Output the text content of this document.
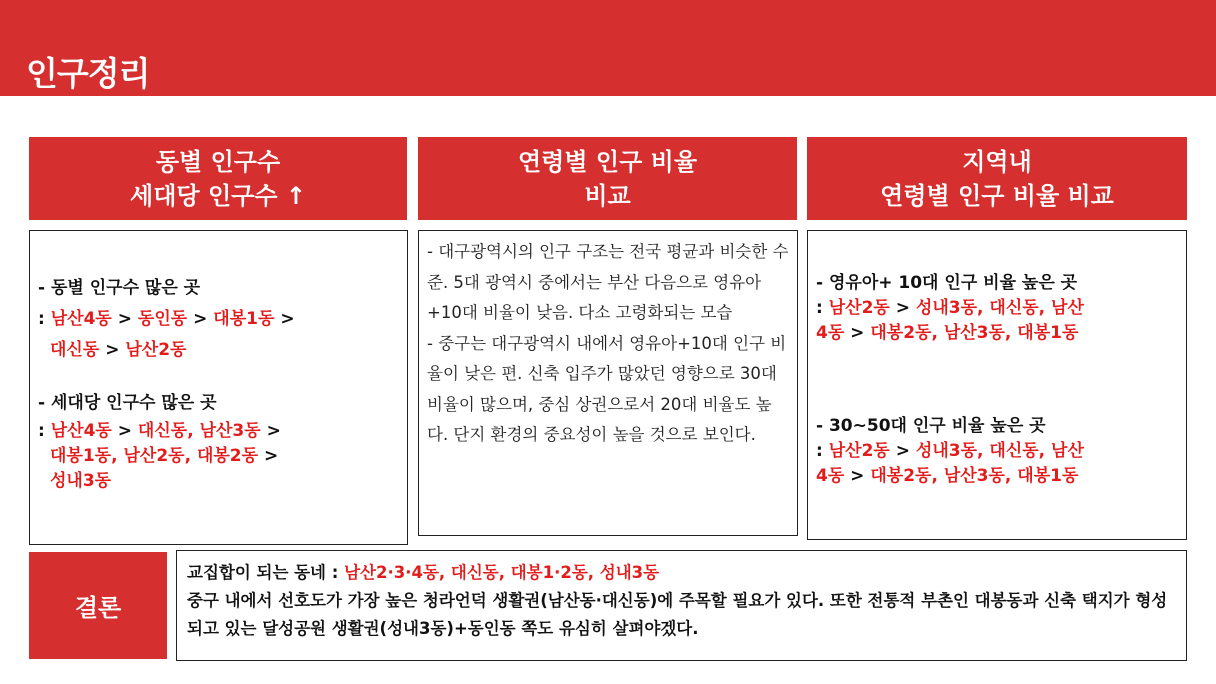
인구정리
동별 인구수
세대당 인구수 ↑
연령별 인구 비율
비교
지역내
연령별 인구 비율 비교
- 동별 인구수 많은 곳
: 남산4동 > 동인동 > 대봉1동 >
대신동 > 남산2동
- 세대당 인구수 많은 곳
: 남산4동 > 대신동, 남산3동 >
대봉1동, 남산2동, 대봉2동 >
성내3동
- 대구광역시의 인구 구조는 전국 평균과 비슷한 수준. 5대 광역시 중에서는 부산 다음으로 영유아+10대 비율이 낮음. 다소 고령화되는 모습
- 중구는 대구광역시 내에서 영유아+10대 인구 비율이 낮은 편. 신축 입주가 많았던 영향으로 30대 비율이 많으며, 중심 상권으로서 20대 비율도 높다. 단지 환경의 중요성이 높을 것으로 보인다.
- 영유아+ 10대 인구 비율 높은 곳
: 남산2동 > 성내3동, 대신동, 남산
4동 > 대봉2동, 남산3동, 대봉1동
- 30~50대 인구 비율 높은 곳
: 남산2동 > 성내3동, 대신동, 남산
4동 > 대봉2동, 남산3동, 대봉1동
결론
교집합이 되는 동네 : 남산2·3·4동, 대신동, 대봉1·2동, 성내3동
중구 내에서 선호도가 가장 높은 청라언덕 생활권(남산동·대신동)에 주목할 필요가 있다. 또한 전통적 부촌인 대봉동과 신축 택지가 형성되고 있는 달성공원 생활권(성내3동)+동인동 쪽도 유심히 살펴야겠다.
